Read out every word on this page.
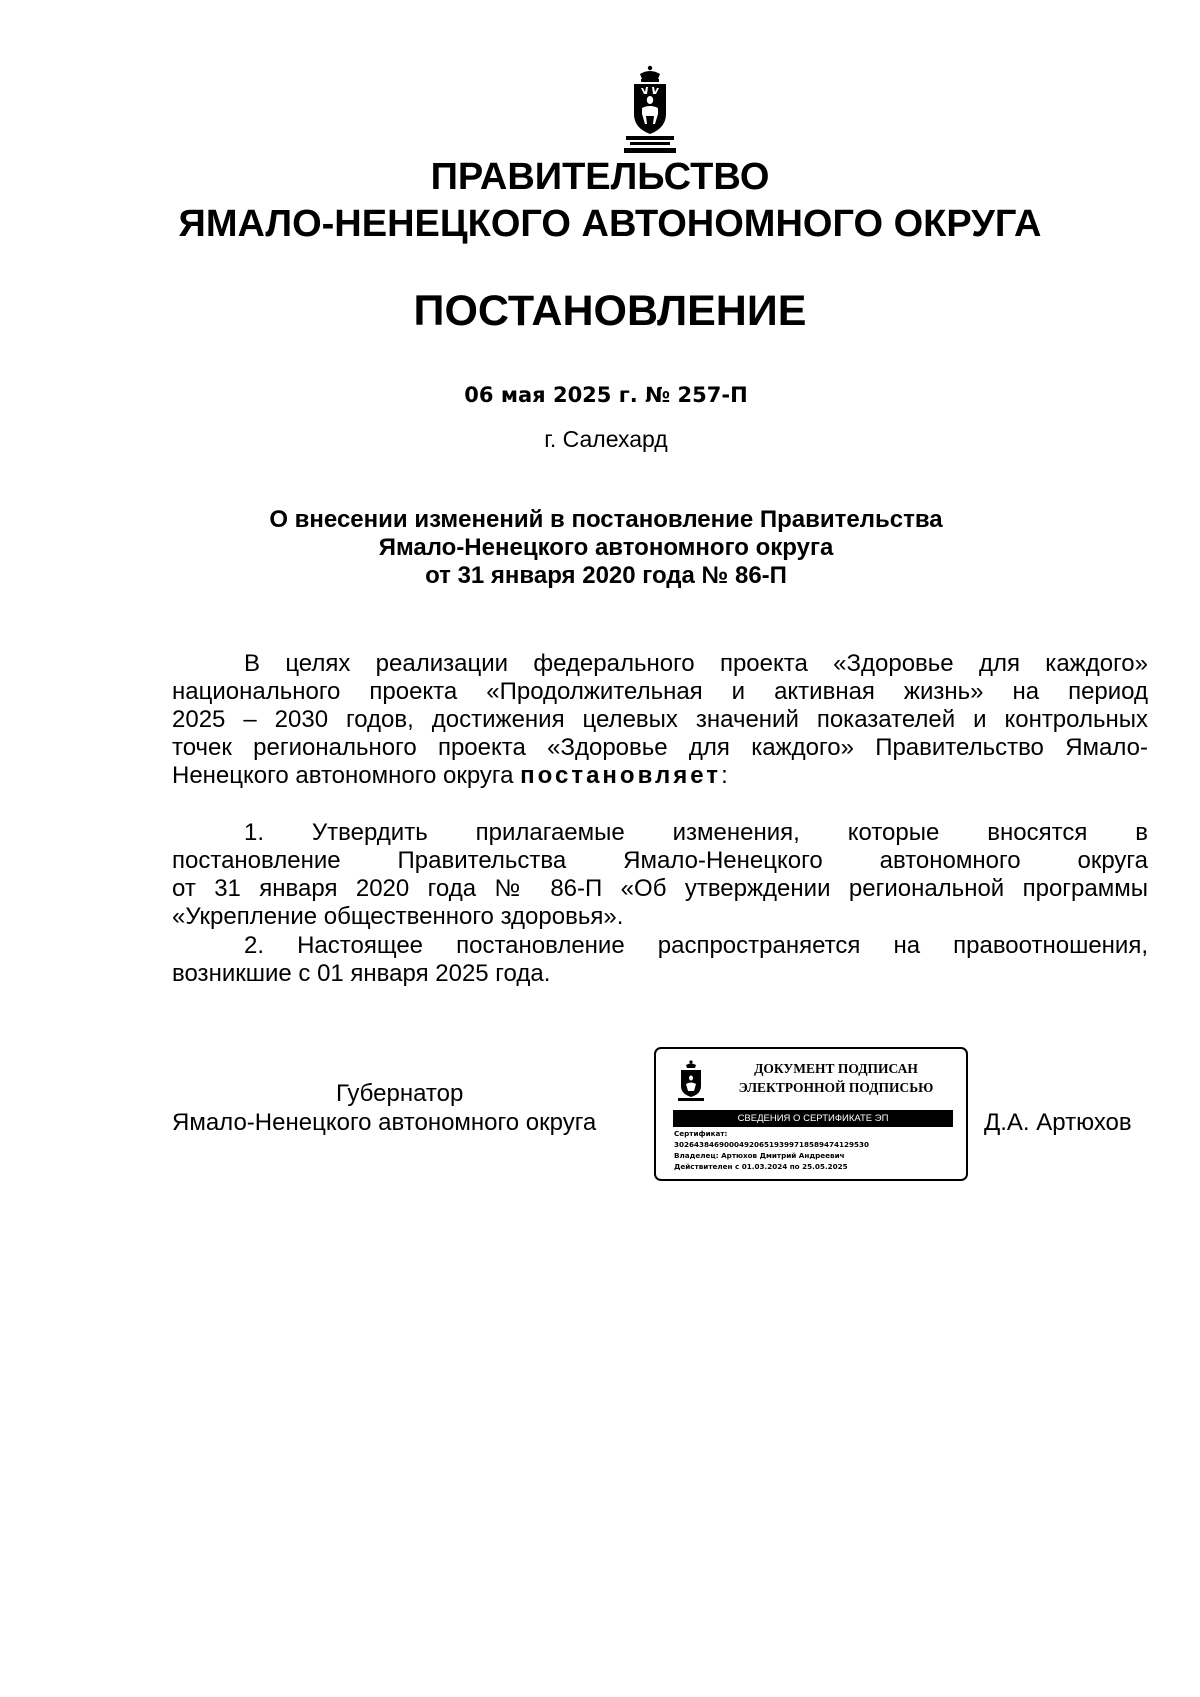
ПРАВИТЕЛЬСТВО
ЯМАЛО-НЕНЕЦКОГО АВТОНОМНОГО ОКРУГА
ПОСТАНОВЛЕНИЕ
06 мая 2025 г. № 257-П
г. Салехард
О внесении изменений в постановление Правительства
Ямало-Ненецкого автономного округа
от 31 января 2020 года № 86-П
В целях реализации федерального проекта «Здоровье для каждого»
национального проекта «Продолжительная и активная жизнь» на период
2025 – 2030 годов, достижения целевых значений показателей и контрольных
точек регионального проекта «Здоровье для каждого» Правительство Ямало-
Ненецкого автономного округа постановляет:
1. Утвердить прилагаемые изменения, которые вносятся в
постановление Правительства Ямало-Ненецкого автономного округа
от 31 января 2020 года № 86-П «Об утверждении региональной программы
«Укрепление общественного здоровья».
2. Настоящее постановление распространяется на правоотношения,
возникшие с 01 января 2025 года.
Губернатор
Ямало-Ненецкого автономного округа	Д.А. Артюхов
ДОКУМЕНТ ПОДПИСАН
ЭЛЕКТРОННОЙ ПОДПИСЬЮ
СВЕДЕНИЯ О СЕРТИФИКАТЕ ЭП
Сертификат:
302643846900049206519399718589474129530
Владелец: Артюхов Дмитрий Андреевич
Действителен с 01.03.2024 по 25.05.2025
